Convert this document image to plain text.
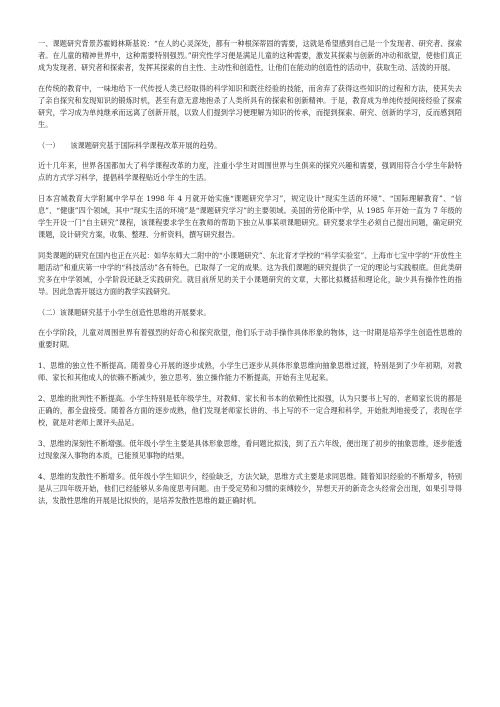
一、课题研究背景苏霍姆林斯基说：“在人的心灵深处，都有一种根深蒂固的需要，这就是希望感到自己是一个发现者、研究者、探索者。在儿童的精神世界中，这种需要特别强烈。”研究性学习便是满足儿童的这种需要，激发其探索与创新的冲动和欲望，使他们真正成为发现者、研究者和探索者，发挥其探索的自主性、主动性和创造性，让他们在能动的创造性的活动中，获取生动、活泼的开展。

在传统的教育中，一味地给下一代传授人类已经取得的科学知识和既往经验的技能，而舍弃了获得这些知识的过程和方法，使其失去了亲自探究和发现知识的锻炼时机，甚至有意无意地抱杀了人类所具有的探索和创新精神。于是，教育成为单纯传授间接经验了探索研究，学习成为单纯继承而远离了创新开展，以致人们提到学习便理解为知识的传承，而提到探索、研究、创新的学习，反而感到陌生。

（一）　　该课题研究基于国际科学课程改革开展的趋势。

近十几年来，世界各国都加大了科学课程改革的力度，注重小学生对周围世界与生俱来的探究兴趣和需要，强调用符合小学生年龄特点的方式学习科学，提倡科学课程贴近小学生的生活。

日本宫城教育大学附属中学早在 1998 年 4 月就开始实施“课题研究学习”，规定设计“现实生活的环境”、“国际理解教育”、“信息”、“健康”四个领域，其中“现实生活的环境”是“课题研究学习”的主要领域。美国的劳伦斯中学，从 1985 年开始一直为 7 年级的学生开设一门“自主研究”课程，该课程要求学生在教师的帮助下独立从事某项课题研究。研究要求学生必须自己提出问题，确定研究课题，设计研究方案，收集、整理、分析资料，撰写研究报告。

同类课题的研究在国内也正在兴起：如华东师大二附中的“小课题研究”、东北育才学校的“科学实验室”、上海市七宝中学的“开放性主题活动”和重庆第一中学的“科技活动”各有特色，已取得了一定的成果。这为我们课题的研究提供了一定的理论与实践根底。但此类研究多在中学领域，小学阶段还缺乏实践研究。就目前所见的关于小课题研究的文章，大都比拟概括和理论化，缺少具有操作性的指导。因此急需开展这方面的教学实践研究。

（二）该课题研究基于小学生创造性思维的开展要求。

在小学阶段，儿童对周围世界有着强烈的好奇心和探究欲望，他们乐于动手操作具体形象的物体，这一时期是培养学生创造性思维的重要时期。

1、思维的独立性不断提高。随着身心开展的逐步成熟，小学生已逐步从具体形象思维向抽象思维过渡，特别是到了少年初期，对教师、家长和其他成人的依赖不断减少，独立思考、独立操作能力不断提高，开始有主见起来。

2、思维的批判性不断提高。小学生特别是低年级学生，对教师、家长和书本的依赖性比拟强，认为只要书上写的、老师家长说的都是正确的，都全盘接受。随着各方面的逐步成熟，他们发现老师家长讲的、书上写的不一定合理和科学，开始批判地接受了，表现在学校，就是对老师上课评头品足。

3、思维的深刻性不断增强。低年级小学生主要是具体形象思维，看问题比拟浅，到了五六年级，便出现了初步的抽象思维，逐步能透过现象深入事物的本质，已能预见事物的结果。

4、思维的发散性不断增多。低年级小学生知识少，经验缺乏，方法欠缺，思维方式主要是求同思维。随着知识经验的不断增多，特别是从三四年级开始，他们已经能够从多角度思考问题。由于受定势和习惯的束缚较少，异想天开的新奇念头经常会出现，如果引导得法，发散性思维的开展是比拟快的，是培养发散性思维的最正确时机。
